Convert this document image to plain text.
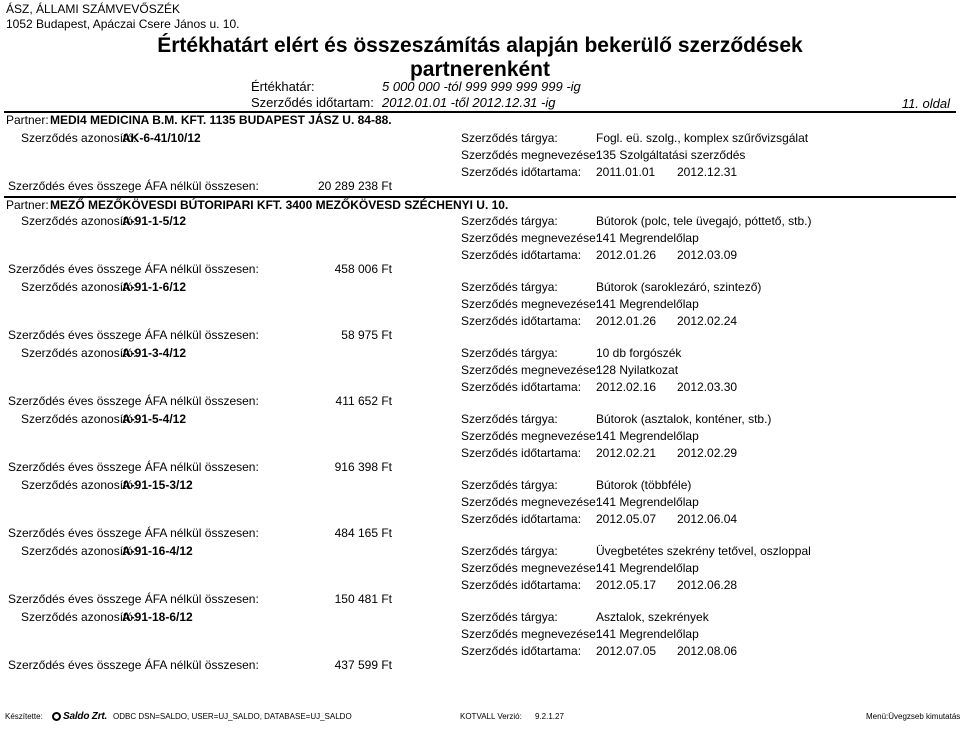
ÁSZ, ÁLLAMI SZÁMVEVŐSZÉK
1052 Budapest, Apáczai Csere János u. 10.
Értékhatárt elért és összeszámítás alapján bekerülő szerződések
partnerenként
Értékhatár:	5 000 000 -tól 999 999 999 999 -ig
Szerződés időtartam: 2012.01.01 -től 2012.12.31 -ig	11. oldal
Partner: MEDI4 MEDICINA B.M. KFT. 1135 BUDAPEST JÁSZ U. 84-88.
Szerződés azonosító:
AK-6-41/10/12	Szerződés tárgya:	Fogl. eü. szolg., komplex szűrővizsgálat
Szerződés megnevezése:
135 Szolgáltatási szerződés
Szerződés időtartama: 2011.01.01 2012.12.31
Szerződés éves összege ÁFA nélkül összesen:	20 289 238 Ft
Partner: MEZŐ MEZŐKÖVESDI BÚTORIPARI KFT. 3400 MEZŐKÖVESD SZÉCHENYI U. 10.
Szerződés azonosító:
A-91-1-5/12	Szerződés tárgya:	Bútorok (polc, tele üvegajó, póttető, stb.)
Szerződés megnevezése:
141 Megrendelőlap
Szerződés időtartama: 2012.01.26 2012.03.09
Szerződés éves összege ÁFA nélkül összesen:	458 006 Ft
Szerződés azonosító:
A-91-1-6/12	Szerződés tárgya:	Bútorok (saroklezáró, szintező)
Szerződés megnevezése:
141 Megrendelőlap
Szerződés időtartama: 2012.01.26 2012.02.24
Szerződés éves összege ÁFA nélkül összesen:	58 975 Ft
Szerződés azonosító:
A-91-3-4/12	Szerződés tárgya:	10 db forgószék
Szerződés megnevezése:
128 Nyilatkozat
Szerződés időtartama: 2012.02.16 2012.03.30
Szerződés éves összege ÁFA nélkül összesen:	411 652 Ft
Szerződés azonosító:
A-91-5-4/12	Szerződés tárgya:	Bútorok (asztalok, konténer, stb.)
Szerződés megnevezése:
141 Megrendelőlap
Szerződés időtartama: 2012.02.21 2012.02.29
Szerződés éves összege ÁFA nélkül összesen:	916 398 Ft
Szerződés azonosító:
A-91-15-3/12	Szerződés tárgya:	Bútorok (többféle)
Szerződés megnevezése:
141 Megrendelőlap
Szerződés időtartama: 2012.05.07 2012.06.04
Szerződés éves összege ÁFA nélkül összesen:	484 165 Ft
Szerződés azonosító:
A-91-16-4/12	Szerződés tárgya:	Üvegbetétes szekrény tetővel, oszloppal
Szerződés megnevezése:
141 Megrendelőlap
Szerződés időtartama: 2012.05.17 2012.06.28
Szerződés éves összege ÁFA nélkül összesen:	150 481 Ft
Szerződés azonosító:
A-91-18-6/12	Szerződés tárgya:	Asztalok, szekrények
Szerződés megnevezése:
141 Megrendelőlap
Szerződés időtartama: 2012.07.05 2012.08.06
Szerződés éves összege ÁFA nélkül összesen:	437 599 Ft
Készítette:	Saldo Zrt. ODBC DSN=SALDO, USER=UJ_SALDO, DATABASE=UJ_SALDO	KOTVALL Verzió: 9.2.1.27	Menü:Üvegzseb kimutatás
